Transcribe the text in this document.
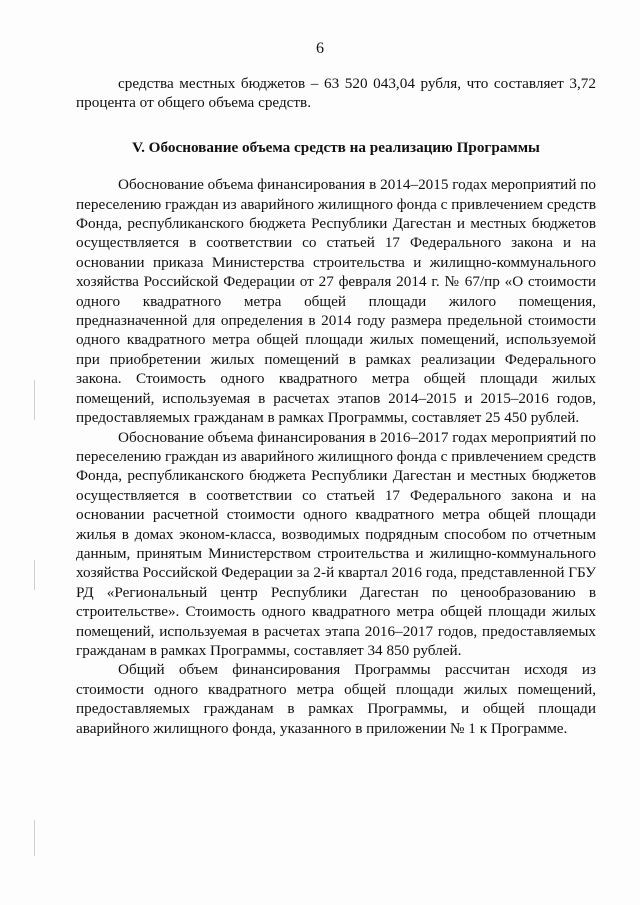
6

средства местных бюджетов – 63 520 043,04 рубля, что составляет 3,72 процента от общего объема средств.

V. Обоснование объема средств на реализацию Программы

Обоснование объема финансирования в 2014–2015 годах мероприятий по переселению граждан из аварийного жилищного фонда с привлечением средств Фонда, республиканского бюджета Республики Дагестан и местных бюджетов осуществляется в соответствии со статьей 17 Федерального закона и на основании приказа Министерства строительства и жилищно-коммунального хозяйства Российской Федерации от 27 февраля 2014 г. № 67/пр «О стоимости одного квадратного метра общей площади жилого помещения, предназначенной для определения в 2014 году размера предельной стоимости одного квадратного метра общей площади жилых помещений, используемой при приобретении жилых помещений в рамках реализации Федерального закона. Стоимость одного квадратного метра общей площади жилых помещений, используемая в расчетах этапов 2014–2015 и 2015–2016 годов, предоставляемых гражданам в рамках Программы, составляет 25 450 рублей.

Обоснование объема финансирования в 2016–2017 годах мероприятий по переселению граждан из аварийного жилищного фонда с привлечением средств Фонда, республиканского бюджета Республики Дагестан и местных бюджетов осуществляется в соответствии со статьей 17 Федерального закона и на основании расчетной стоимости одного квадратного метра общей площади жилья в домах эконом-класса, возводимых подрядным способом по отчетным данным, принятым Министерством строительства и жилищно-коммунального хозяйства Российской Федерации за 2-й квартал 2016 года, представленной ГБУ РД «Региональный центр Республики Дагестан по ценообразованию в строительстве». Стоимость одного квадратного метра общей площади жилых помещений, используемая в расчетах этапа 2016–2017 годов, предоставляемых гражданам в рамках Программы, составляет 34 850 рублей.

Общий объем финансирования Программы рассчитан исходя из стоимости одного квадратного метра общей площади жилых помещений, предоставляемых гражданам в рамках Программы, и общей площади аварийного жилищного фонда, указанного в приложении № 1 к Программе.
